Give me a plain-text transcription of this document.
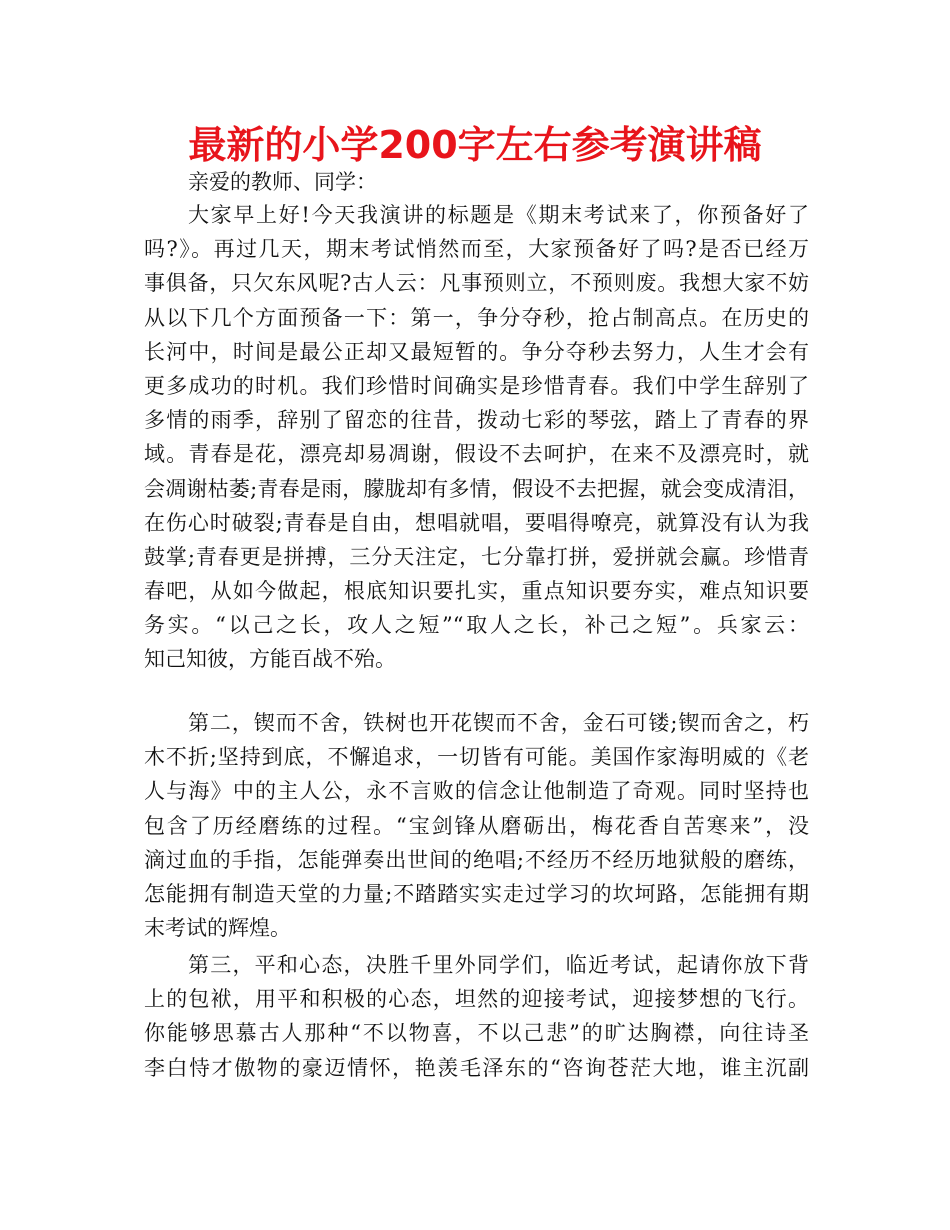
最新的小学200字左右参考演讲稿
亲爱的教师、同学：
大家早上好!今天我演讲的标题是《期末考试来了，你预备好了
吗?》。再过几天，期末考试悄然而至，大家预备好了吗?是否已经万
事俱备，只欠东风呢?古人云：凡事预则立，不预则废。我想大家不妨
从以下几个方面预备一下：第一，争分夺秒，抢占制高点。在历史的
长河中，时间是最公正却又最短暂的。争分夺秒去努力，人生才会有
更多成功的时机。我们珍惜时间确实是珍惜青春。我们中学生辞别了
多情的雨季，辞别了留恋的往昔，拨动七彩的琴弦，踏上了青春的界
域。青春是花，漂亮却易凋谢，假设不去呵护，在来不及漂亮时，就
会凋谢枯萎;青春是雨，朦胧却有多情，假设不去把握，就会变成清泪，
在伤心时破裂;青春是自由，想唱就唱，要唱得嘹亮，就算没有认为我
鼓掌;青春更是拼搏，三分天注定，七分靠打拼，爱拼就会赢。珍惜青
春吧，从如今做起，根底知识要扎实，重点知识要夯实，难点知识要
务实。“以己之长，攻人之短”“取人之长，补己之短”。兵家云：
知己知彼，方能百战不殆。
第二，锲而不舍，铁树也开花锲而不舍，金石可镂;锲而舍之，朽
木不折;坚持到底，不懈追求，一切皆有可能。美国作家海明威的《老
人与海》中的主人公，永不言败的信念让他制造了奇观。同时坚持也
包含了历经磨练的过程。“宝剑锋从磨砺出，梅花香自苦寒来”，没
滴过血的手指，怎能弹奏出世间的绝唱;不经历不经历地狱般的磨练，
怎能拥有制造天堂的力量;不踏踏实实走过学习的坎坷路，怎能拥有期
末考试的辉煌。
第三，平和心态，决胜千里外同学们，临近考试，起请你放下背
上的包袱，用平和积极的心态，坦然的迎接考试，迎接梦想的飞行。
你能够思慕古人那种“不以物喜，不以己悲”的旷达胸襟，向往诗圣
李白恃才傲物的豪迈情怀，艳羡毛泽东的“咨询苍茫大地，谁主沉副
